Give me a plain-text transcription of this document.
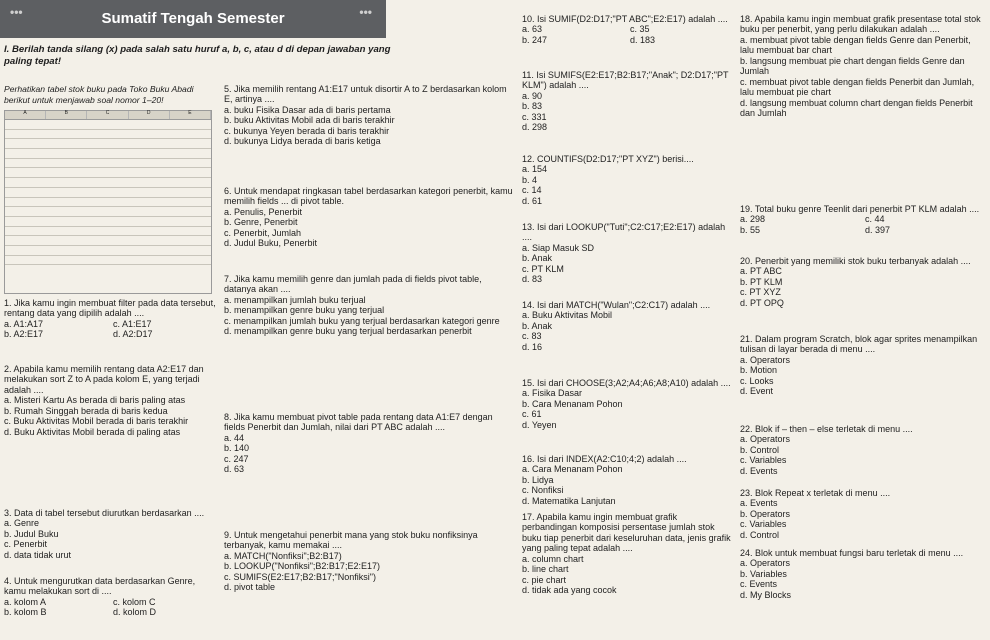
•••	Sumatif Tengah Semester	•••
I. Berilah tanda silang (x) pada salah satu huruf a, b, c, atau d di depan jawaban yang paling tepat!
Perhatikan tabel stok buku pada Toko Buku Abadi berikut untuk menjawab soal nomor 1–20!
A	B	C	D	E
1. Jika kamu ingin membuat filter pada data tersebut, rentang data yang dipilih adalah ....
a. A1:A17	c. A1:E17
b. A2:E17	d. A2:D17
2. Apabila kamu memilih rentang data A2:E17 dan melakukan sort Z to A pada kolom E, yang terjadi adalah ....
a. Misteri Kartu As berada di baris paling atas
b. Rumah Singgah berada di baris kedua
c. Buku Aktivitas Mobil berada di baris terakhir
d. Buku Aktivitas Mobil berada di paling atas
3. Data di tabel tersebut diurutkan berdasarkan ....
a. Genre
b. Judul Buku
c. Penerbit
d. data tidak urut
4. Untuk mengurutkan data berdasarkan Genre, kamu melakukan sort di ....
a. kolom A	c. kolom C
b. kolom B	d. kolom D
5. Jika memilih rentang A1:E17 untuk disortir A to Z berdasarkan kolom E, artinya ....
a. buku Fisika Dasar ada di baris pertama
b. buku Aktivitas Mobil ada di baris terakhir
c. bukunya Yeyen berada di baris terakhir
d. bukunya Lidya berada di baris ketiga
6. Untuk mendapat ringkasan tabel berdasarkan kategori penerbit, kamu memilih fields ... di pivot table.
a. Penulis, Penerbit
b. Genre, Penerbit
c. Penerbit, Jumlah
d. Judul Buku, Penerbit
7. Jika kamu memilih genre dan jumlah pada di fields pivot table, datanya akan ....
a. menampilkan jumlah buku terjual
b. menampilkan genre buku yang terjual
c. menampilkan jumlah buku yang terjual berdasarkan kategori genre
d. menampilkan genre buku yang terjual berdasarkan penerbit
8. Jika kamu membuat pivot table pada rentang data A1:E7 dengan fields Penerbit dan Jumlah, nilai dari PT ABC adalah ....
a. 44
b. 140
c. 247
d. 63
9. Untuk mengetahui penerbit mana yang stok buku nonfiksinya terbanyak, kamu memakai ....
a. MATCH("Nonfiksi";B2:B17)
b. LOOKUP("Nonfiksi";B2:B17;E2:E17)
c. SUMIFS(E2:E17;B2:B17;"Nonfiksi")
d. pivot table
10. Isi SUMIF(D2:D17;"PT ABC";E2:E17) adalah ....
a. 63	c. 35
b. 247	d. 183
11. Isi SUMIFS(E2:E17;B2:B17;"Anak"; D2:D17;"PT KLM") adalah ....
a. 90
b. 83
c. 331
d. 298
12. COUNTIFS(D2:D17;"PT XYZ") berisi....
a. 154
b. 4
c. 14
d. 61
13. Isi dari LOOKUP("Tuti";C2:C17;E2:E17) adalah ....
a. Siap Masuk SD
b. Anak
c. PT KLM
d. 83
14. Isi dari MATCH("Wulan";C2:C17) adalah ....
a. Buku Aktivitas Mobil
b. Anak
c. 83
d. 16
15. Isi dari CHOOSE(3;A2;A4;A6;A8;A10) adalah ....
a. Fisika Dasar
b. Cara Menanam Pohon
c. 61
d. Yeyen
16. Isi dari INDEX(A2:C10;4;2) adalah ....
a. Cara Menanam Pohon
b. Lidya
c. Nonfiksi
d. Matematika Lanjutan
17. Apabila kamu ingin membuat grafik perbandingan komposisi persentase jumlah stok buku tiap penerbit dari keseluruhan data, jenis grafik yang paling tepat adalah ....
a. column chart
b. line chart
c. pie chart
d. tidak ada yang cocok
18. Apabila kamu ingin membuat grafik presentase total stok buku per penerbit, yang perlu dilakukan adalah ....
a. membuat pivot table dengan fields Genre dan Penerbit, lalu membuat bar chart
b. langsung membuat pie chart dengan fields Genre dan Jumlah
c. membuat pivot table dengan fields Penerbit dan Jumlah, lalu membuat pie chart
d. langsung membuat column chart dengan fields Penerbit dan Jumlah
19. Total buku genre Teenlit dari penerbit PT KLM adalah ....
a. 298	c. 44
b. 55	d. 397
20. Penerbit yang memiliki stok buku terbanyak adalah ....
a. PT ABC
b. PT KLM
c. PT XYZ
d. PT OPQ
21. Dalam program Scratch, blok agar sprites menampilkan tulisan di layar berada di menu ....
a. Operators
b. Motion
c. Looks
d. Event
22. Blok if – then – else terletak di menu ....
a. Operators
b. Control
c. Variables
d. Events
23. Blok Repeat x terletak di menu ....
a. Events
b. Operators
c. Variables
d. Control
24. Blok untuk membuat fungsi baru terletak di menu ....
a. Operators
b. Variables
c. Events
d. My Blocks
